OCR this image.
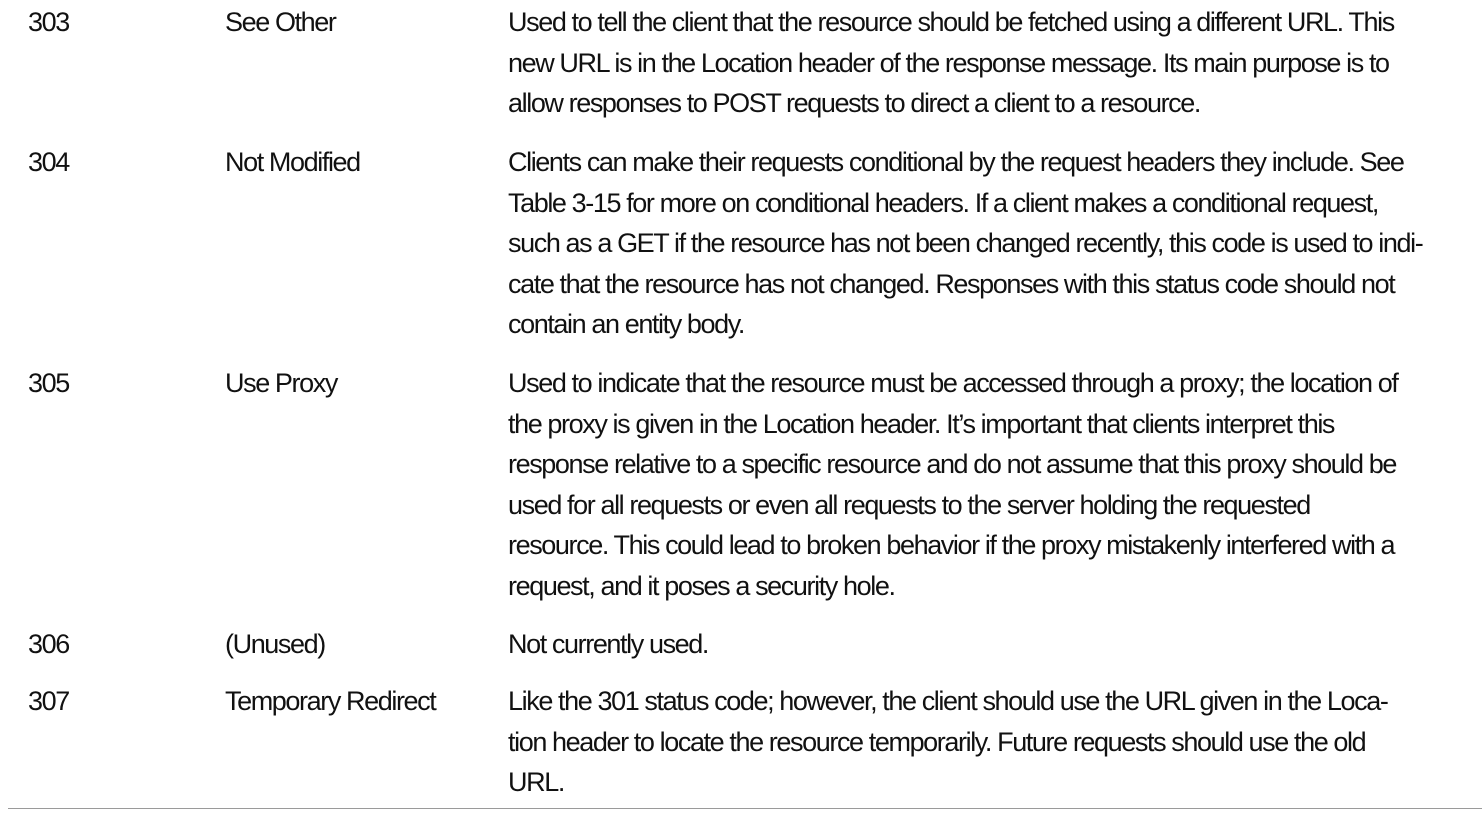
303	See Other	Used to tell the client that the resource should be fetched using a different URL. This
new URL is in the Location header of the response message. Its main purpose is to
allow responses to POST requests to direct a client to a resource.
304	Not Modified	Clients can make their requests conditional by the request headers they include. See
Table 3-15 for more on conditional headers. If a client makes a conditional request,
such as a GET if the resource has not been changed recently, this code is used to indi-
cate that the resource has not changed. Responses with this status code should not
contain an entity body.
305	Use Proxy	Used to indicate that the resource must be accessed through a proxy; the location of
the proxy is given in the Location header. It’s important that clients interpret this
response relative to a specific resource and do not assume that this proxy should be
used for all requests or even all requests to the server holding the requested
resource. This could lead to broken behavior if the proxy mistakenly interfered with a
request, and it poses a security hole.
306	(Unused)	Not currently used.
307	Temporary Redirect	Like the 301 status code; however, the client should use the URL given in the Loca-
tion header to locate the resource temporarily. Future requests should use the old
URL.
